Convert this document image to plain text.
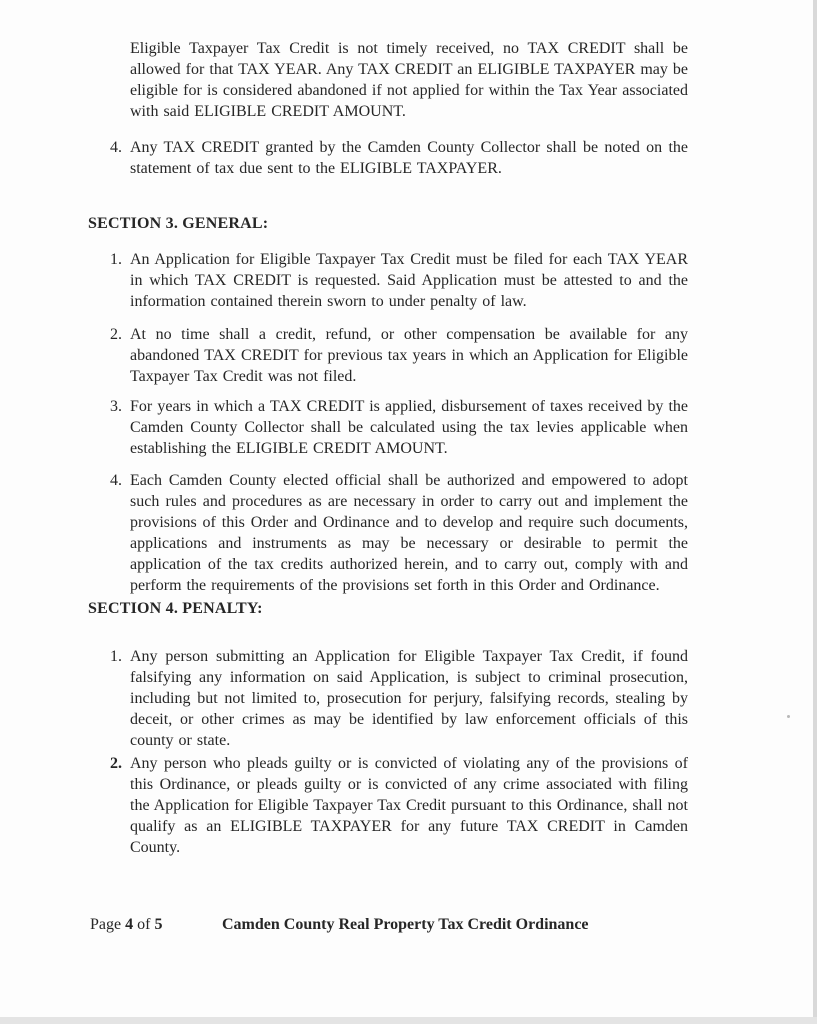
Eligible Taxpayer Tax Credit is not timely received, no TAX CREDIT shall be allowed for that TAX YEAR. Any TAX CREDIT an ELIGIBLE TAXPAYER may be eligible for is considered abandoned if not applied for within the Tax Year associated with said ELIGIBLE CREDIT AMOUNT.
4. Any TAX CREDIT granted by the Camden County Collector shall be noted on the statement of tax due sent to the ELIGIBLE TAXPAYER.
SECTION 3. GENERAL:
1. An Application for Eligible Taxpayer Tax Credit must be filed for each TAX YEAR in which TAX CREDIT is requested. Said Application must be attested to and the information contained therein sworn to under penalty of law.
2. At no time shall a credit, refund, or other compensation be available for any abandoned TAX CREDIT for previous tax years in which an Application for Eligible Taxpayer Tax Credit was not filed.
3. For years in which a TAX CREDIT is applied, disbursement of taxes received by the Camden County Collector shall be calculated using the tax levies applicable when establishing the ELIGIBLE CREDIT AMOUNT.
4. Each Camden County elected official shall be authorized and empowered to adopt such rules and procedures as are necessary in order to carry out and implement the provisions of this Order and Ordinance and to develop and require such documents, applications and instruments as may be necessary or desirable to permit the application of the tax credits authorized herein, and to carry out, comply with and perform the requirements of the provisions set forth in this Order and Ordinance.
SECTION 4. PENALTY:
1. Any person submitting an Application for Eligible Taxpayer Tax Credit, if found falsifying any information on said Application, is subject to criminal prosecution, including but not limited to, prosecution for perjury, falsifying records, stealing by deceit, or other crimes as may be identified by law enforcement officials of this county or state.
2. Any person who pleads guilty or is convicted of violating any of the provisions of this Ordinance, or pleads guilty or is convicted of any crime associated with filing the Application for Eligible Taxpayer Tax Credit pursuant to this Ordinance, shall not qualify as an ELIGIBLE TAXPAYER for any future TAX CREDIT in Camden County.
Page 4 of 5	Camden County Real Property Tax Credit Ordinance
